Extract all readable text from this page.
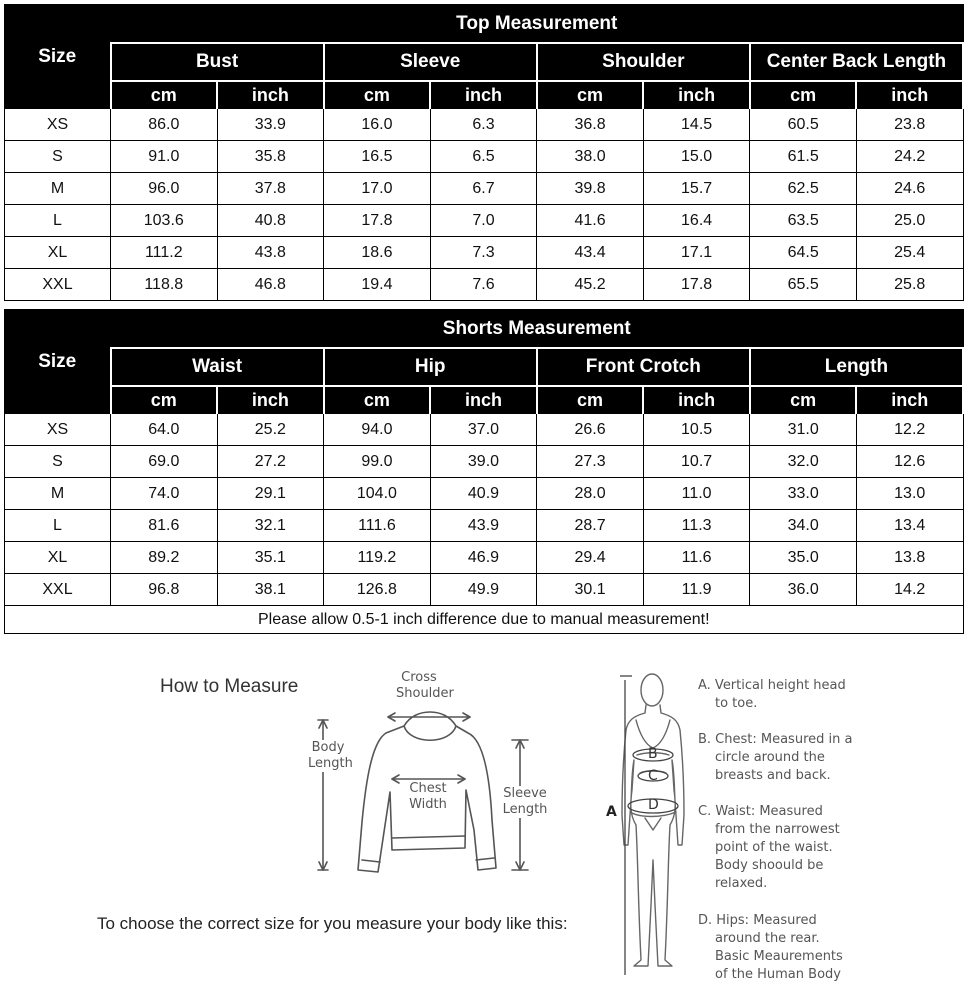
Size	Top Measurement							
	Bust		Sleeve		Shoulder		Center Back Length	
	cm	inch	cm	inch	cm	inch	cm	inch
XS	86.0	33.9	16.0	6.3	36.8	14.5	60.5	23.8
S	91.0	35.8	16.5	6.5	38.0	15.0	61.5	24.2
M	96.0	37.8	17.0	6.7	39.8	15.7	62.5	24.6
L	103.6	40.8	17.8	7.0	41.6	16.4	63.5	25.0
XL	111.2	43.8	18.6	7.3	43.4	17.1	64.5	25.4
XXL	118.8	46.8	19.4	7.6	45.2	17.8	65.5	25.8
Size	Shorts Measurement							
	Waist		Hip		Front Crotch		Length	
	cm	inch	cm	inch	cm	inch	cm	inch
XS	64.0	25.2	94.0	37.0	26.6	10.5	31.0	12.2
S	69.0	27.2	99.0	39.0	27.3	10.7	32.0	12.6
M	74.0	29.1	104.0	40.9	28.0	11.0	33.0	13.0
L	81.6	32.1	111.6	43.9	28.7	11.3	34.0	13.4
XL	89.2	35.1	119.2	46.9	29.4	11.6	35.0	13.8
XXL	96.8	38.1	126.8	49.9	30.1	11.9	36.0	14.2
Please allow 0.5-1 inch difference due to manual measurement!								
How to Measure	Cross
Shoulder
Body
Length
Chest
Width
Sleeve
Length	A
B
C
D
A. Vertical height head
to toe.
B. Chest: Measured in a
circle around the
breasts and back.
C. Waist: Measured
from the narrowest
point of the waist.
Body shoould be
relaxed.
D. Hips: Measured
around the rear.
Basic Meaurements
of the Human Body
To choose the correct size for you measure your body like this:
